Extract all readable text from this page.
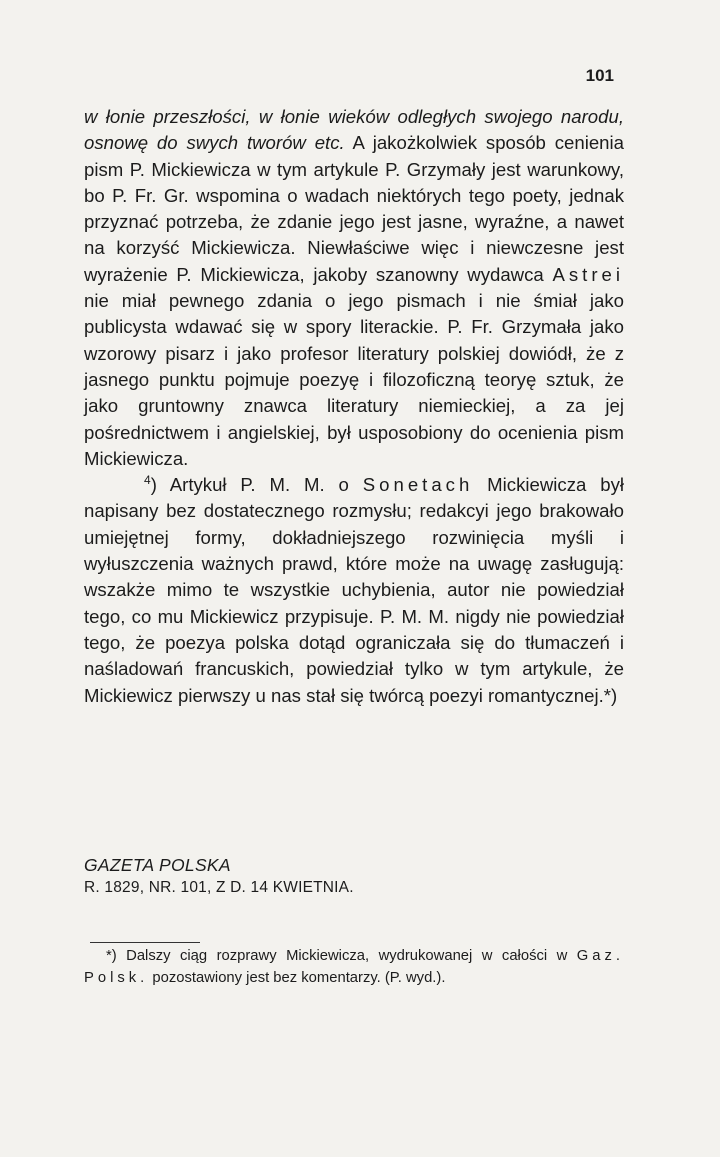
101

w łonie przeszłości, w łonie wieków odległych swojego narodu, osnowę do swych tworów etc. A jakożkolwiek sposób cenienia pism P. Mickiewicza w tym artykule P. Grzymały jest warunkowy, bo P. Fr. Gr. wspomina o wadach niektórych tego poety, jednak przyznać potrzeba, że zdanie jego jest jasne, wyraźne, a nawet na korzyść Mickiewicza. Niewłaściwe więc i niewczesne jest wyrażenie P. Mickiewicza, jakoby szanowny wydawca Astrei nie miał pewnego zdania o jego pismach i nie śmiał jako publicysta wdawać się w spory literackie. P. Fr. Grzymała jako wzorowy pisarz i jako profesor literatury polskiej dowiódł, że z jasnego punktu pojmuje poezyę i filozoficzną teoryę sztuk, że jako gruntowny znawca literatury niemieckiej, a za jej pośrednictwem i angielskiej, był usposobiony do ocenienia pism Mickiewicza.

$^4$) Artykuł P. M. M. o Sonetach Mickiewicza był napisany bez dostatecznego rozmysłu; redakcyi jego brakowało umiejętnej formy, dokładniejszego rozwinięcia myśli i wyłuszczenia ważnych prawd, które może na uwagę zasługują: wszakże mimo te wszystkie uchybienia, autor nie powiedział tego, co mu Mickiewicz przypisuje. P. M. M. nigdy nie powiedział tego, że poezya polska dotąd ograniczała się do tłumaczeń i naśladowań francuskich, powiedział tylko w tym artykule, że Mickiewicz pierwszy u nas stał się twórcą poezyi romantycznej.*)

GAZETA POLSKA
R. 1829, NR. 101, Z D. 14 KWIETNIA.

*) Dalszy ciąg rozprawy Mickiewicza, wydrukowanej w całości w Gaz. Polsk. pozostawiony jest bez komentarzy. (P. wyd.).
